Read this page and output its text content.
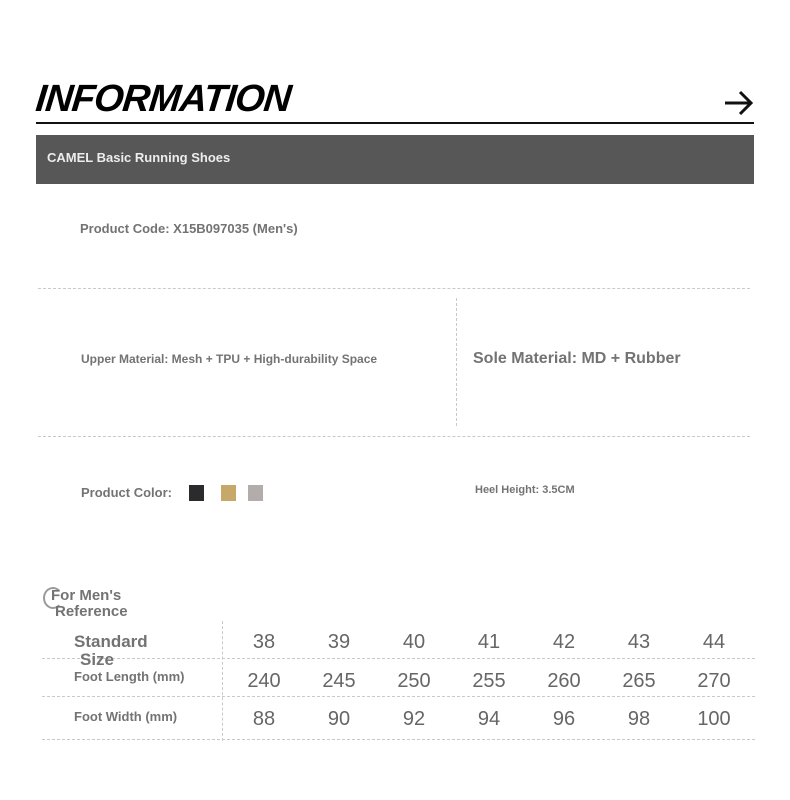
INFORMATION
CAMEL Basic Running Shoes
Product Code: X15B097035 (Men's)
Upper Material: Mesh + TPU + High-durability Space	Sole Material: MD + Rubber
Product Color:	Heel Height: 3.5CM
For Men's
Reference
Standard
Size
38	39	40	41	42	43	44
Foot Length (mm)	240	245	250	255	260	265	270
Foot Width (mm)	88	90	92	94	96	98	100
